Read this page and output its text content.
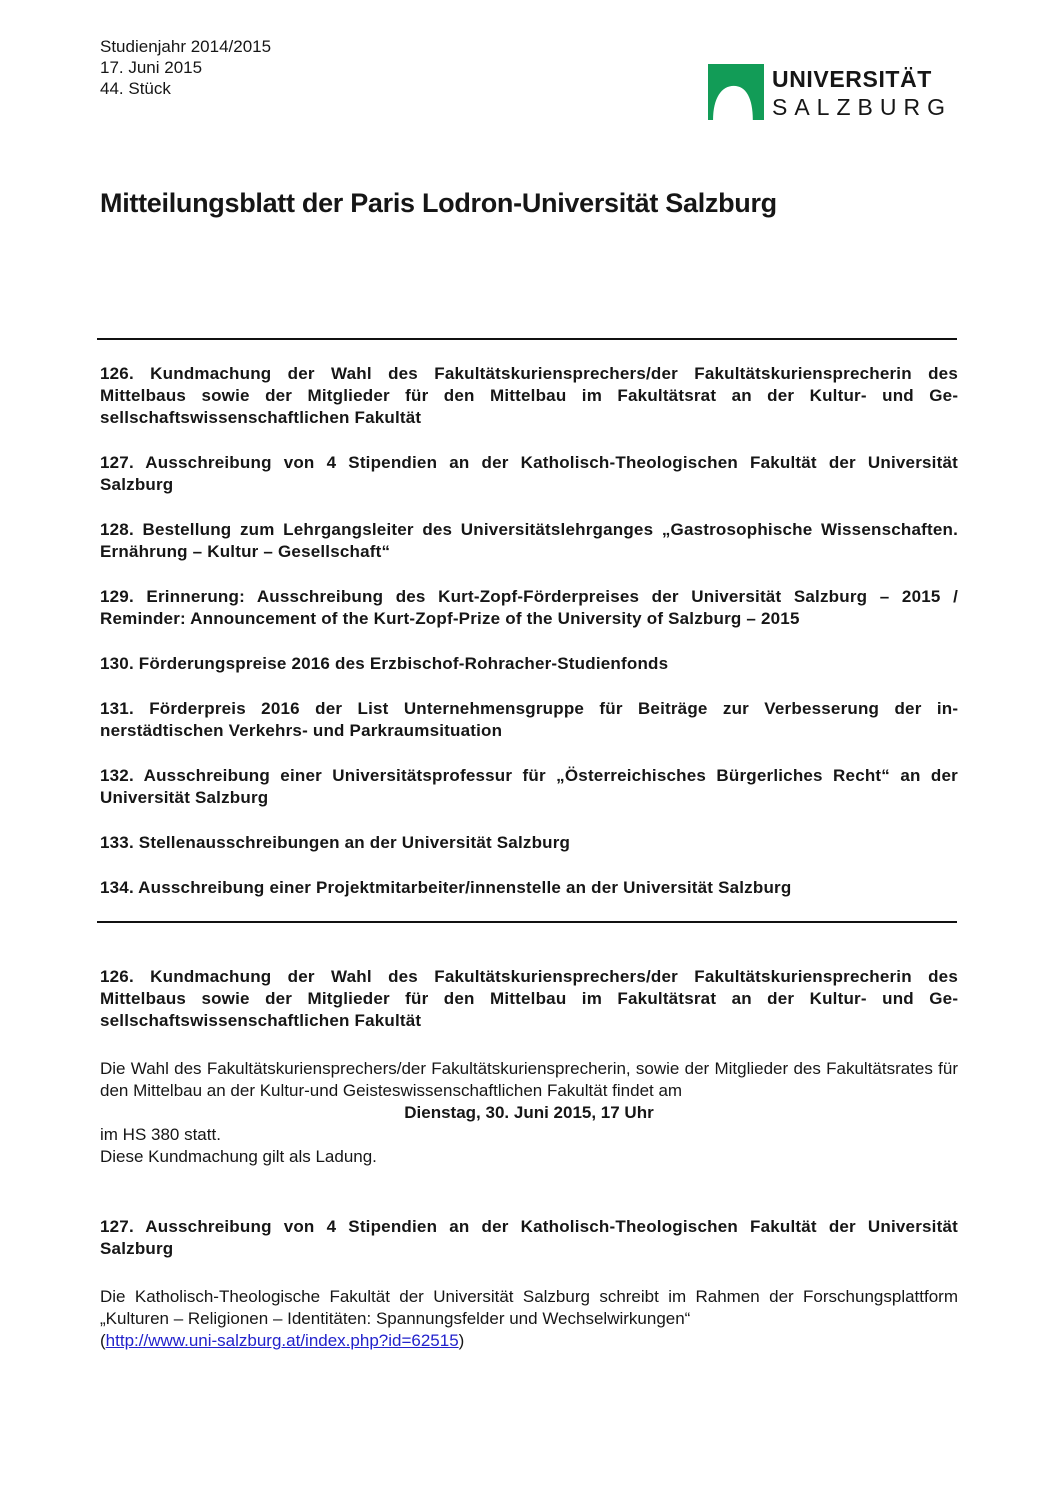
Studienjahr 2014/2015
17. Juni 2015
44. Stück	UNIVERSITÄT
SALZBURG
Mitteilungsblatt der Paris Lodron-Universität Salzburg

126. Kundmachung der Wahl des Fakultätskuriensprechers/der Fakultätskuriensprecherin des Mittelbaus sowie der Mitglieder für den Mittelbau im Fakultätsrat an der Kultur- und Gesellschaftswissenschaftlichen Fakultät

127. Ausschreibung von 4 Stipendien an der Katholisch-Theologischen Fakultät der Universität Salzburg

128. Bestellung zum Lehrgangsleiter des Universitätslehrganges „Gastrosophische Wissenschaften. Ernährung – Kultur – Gesellschaft“

129. Erinnerung: Ausschreibung des Kurt-Zopf-Förderpreises der Universität Salzburg – 2015 / Reminder: Announcement of the Kurt-Zopf-Prize of the University of Salzburg – 2015

130. Förderungspreise 2016 des Erzbischof-Rohracher-Studienfonds

131. Förderpreis 2016 der List Unternehmensgruppe für Beiträge zur Verbesserung der innerstädtischen Verkehrs- und Parkraumsituation

132. Ausschreibung einer Universitätsprofessur für „Österreichisches Bürgerliches Recht“ an der Universität Salzburg

133. Stellenausschreibungen an der Universität Salzburg

134. Ausschreibung einer Projektmitarbeiter/innenstelle an der Universität Salzburg

126. Kundmachung der Wahl des Fakultätskuriensprechers/der Fakultätskuriensprecherin des Mittelbaus sowie der Mitglieder für den Mittelbau im Fakultätsrat an der Kultur- und Gesellschaftswissenschaftlichen Fakultät

Die Wahl des Fakultätskuriensprechers/der Fakultätskuriensprecherin, sowie der Mitglieder des Fakultätsrates für den Mittelbau an der Kultur-und Geisteswissenschaftlichen Fakultät findet am

Dienstag, 30. Juni 2015, 17 Uhr

im HS 380 statt.

Diese Kundmachung gilt als Ladung.

127. Ausschreibung von 4 Stipendien an der Katholisch-Theologischen Fakultät der Universität Salzburg

Die Katholisch-Theologische Fakultät der Universität Salzburg schreibt im Rahmen der Forschungsplattform „Kulturen – Religionen – Identitäten: Spannungsfelder und Wechselwirkungen“

(http://www.uni-salzburg.at/index.php?id=62515)
